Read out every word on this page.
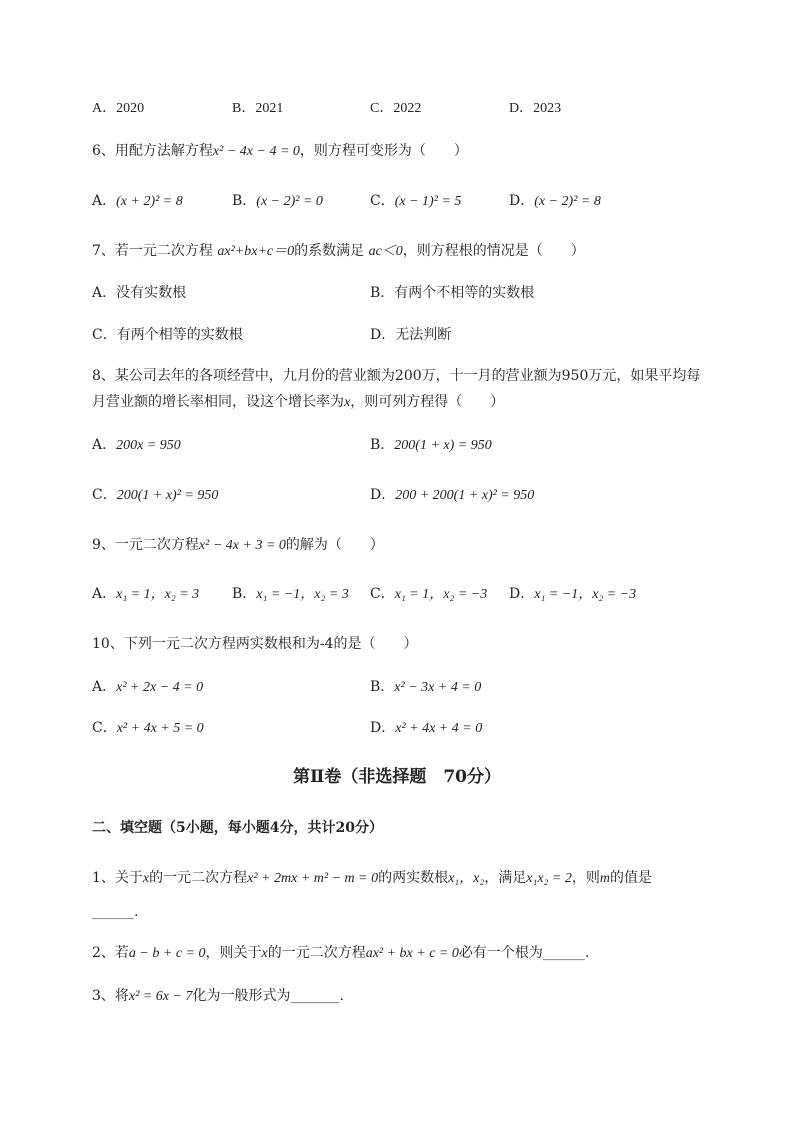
A．2020	B．2021	C．2022	D．2023
6、用配方法解方程x² − 4x − 4 = 0，则方程可变形为（　　）
A．(x + 2)² = 8	B．(x − 2)² = 0	C．(x − 1)² = 5	D．(x − 2)² = 8
7、若一元二次方程 ax²+bx+c＝0的系数满足 ac＜0，则方程根的情况是（　　）
A．没有实数根	B．有两个不相等的实数根
C．有两个相等的实数根	D．无法判断
8、某公司去年的各项经营中，九月份的营业额为200万，十一月的营业额为950万元，如果平均每
月营业额的增长率相同，设这个增长率为x，则可列方程得（　　）
A．200x = 950	B．200(1 + x) = 950
C．200(1 + x)² = 950	D．200 + 200(1 + x)² = 950
9、一元二次方程x² − 4x + 3 = 0的解为（　　）
A．x₁ = 1，x₂ = 3 B．x₁ = −1，x₂ = 3 C．x₁ = 1，x₂ = −3 D．x₁ = −1，x₂ = −3
10、下列一元二次方程两实数根和为-4的是（　　）
A．x² + 2x − 4 = 0	B．x² − 3x + 4 = 0
C．x² + 4x + 5 = 0	D．x² + 4x + 4 = 0
第Ⅱ卷（非选择题　70分）
二、填空题（5小题，每小题4分，共计20分）
1、关于x的一元二次方程x² + 2mx + m² − m = 0的两实数根x₁，x₂，满足x₁x₂ = 2，则m的值是
______.
2、若a − b + c = 0，则关于x的一元二次方程ax² + bx + c = 0必有一个根为______.
3、将x² = 6x − 7化为一般形式为_______.
